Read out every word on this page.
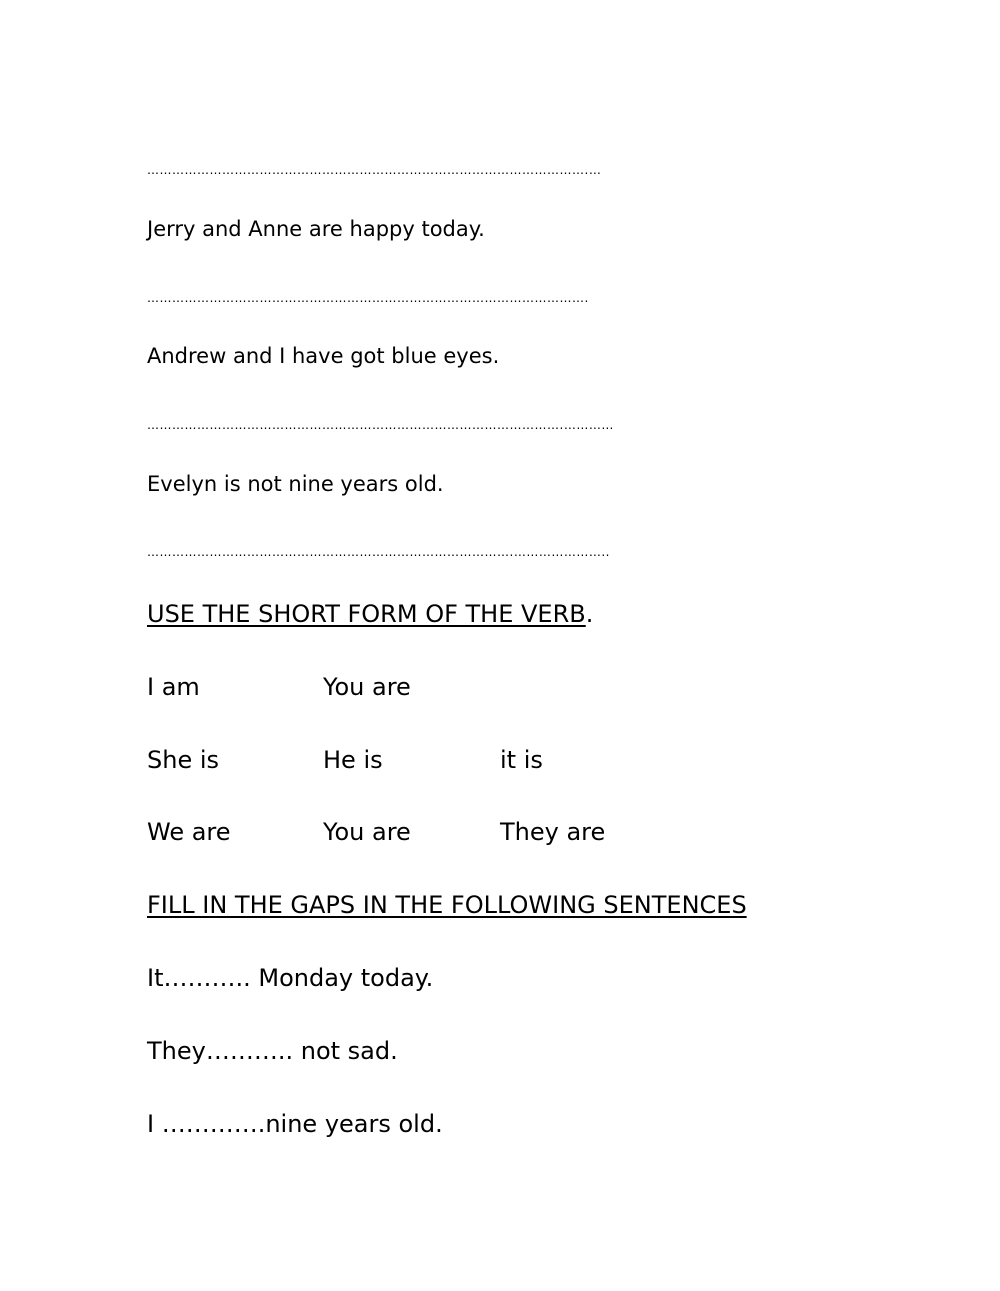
…………………………………………………………………………………………….…
Jerry and Anne are happy today.
…………………………………………………………………………………………….
Andrew and I have got blue eyes.
……………………………………………………………………………………….…………
Evelyn is not nine years old.
…………………………………………………………………………….…………………..
USE THE SHORT FORM OF THE VERB.
I am	You are
She is	He is	it is
We are	You are	They are
FILL IN THE GAPS IN THE FOLLOWING SENTENCES
It……….. Monday today.
They……….. not sad.
I ………….nine years old.
